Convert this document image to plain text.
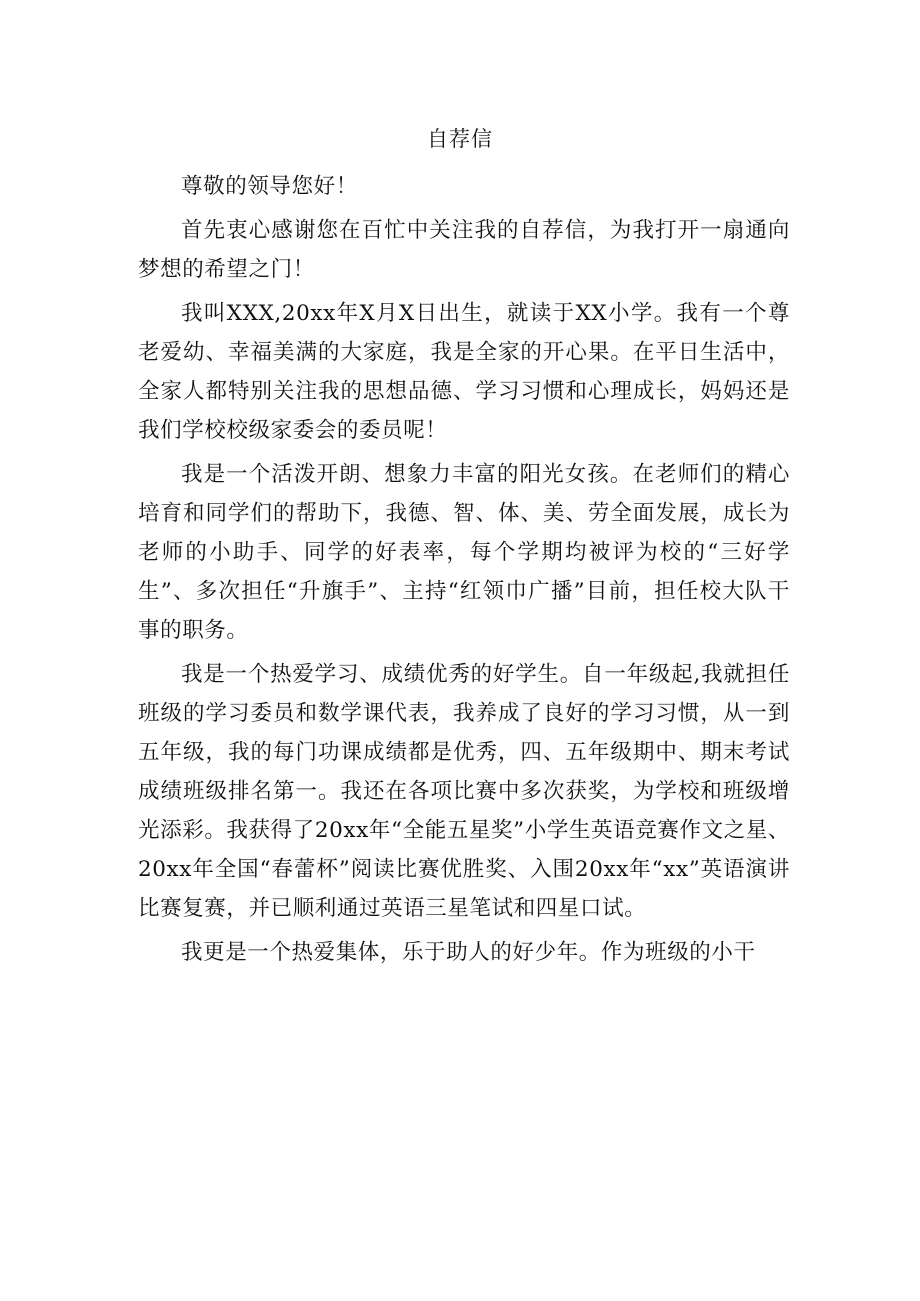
自荐信

尊敬的领导您好！

首先衷心感谢您在百忙中关注我的自荐信，为我打开一扇通向梦想的希望之门！

我叫XXX,20xx年X月X日出生，就读于XX小学。我有一个尊老爱幼、幸福美满的大家庭，我是全家的开心果。在平日生活中，全家人都特别关注我的思想品德、学习习惯和心理成长，妈妈还是我们学校校级家委会的委员呢！

我是一个活泼开朗、想象力丰富的阳光女孩。在老师们的精心培育和同学们的帮助下，我德、智、体、美、劳全面发展，成长为老师的小助手、同学的好表率，每个学期均被评为校的“三好学生”、多次担任“升旗手”、主持“红领巾广播”目前，担任校大队干事的职务。

我是一个热爱学习、成绩优秀的好学生。自一年级起,我就担任班级的学习委员和数学课代表，我养成了良好的学习习惯，从一到五年级，我的每门功课成绩都是优秀，四、五年级期中、期末考试成绩班级排名第一。我还在各项比赛中多次获奖，为学校和班级增光添彩。我获得了20xx年“全能五星奖”小学生英语竞赛作文之星、20xx年全国“春蕾杯”阅读比赛优胜奖、入围20xx年“xx”英语演讲比赛复赛，并已顺利通过英语三星笔试和四星口试。

我更是一个热爱集体，乐于助人的好少年。作为班级的小干
